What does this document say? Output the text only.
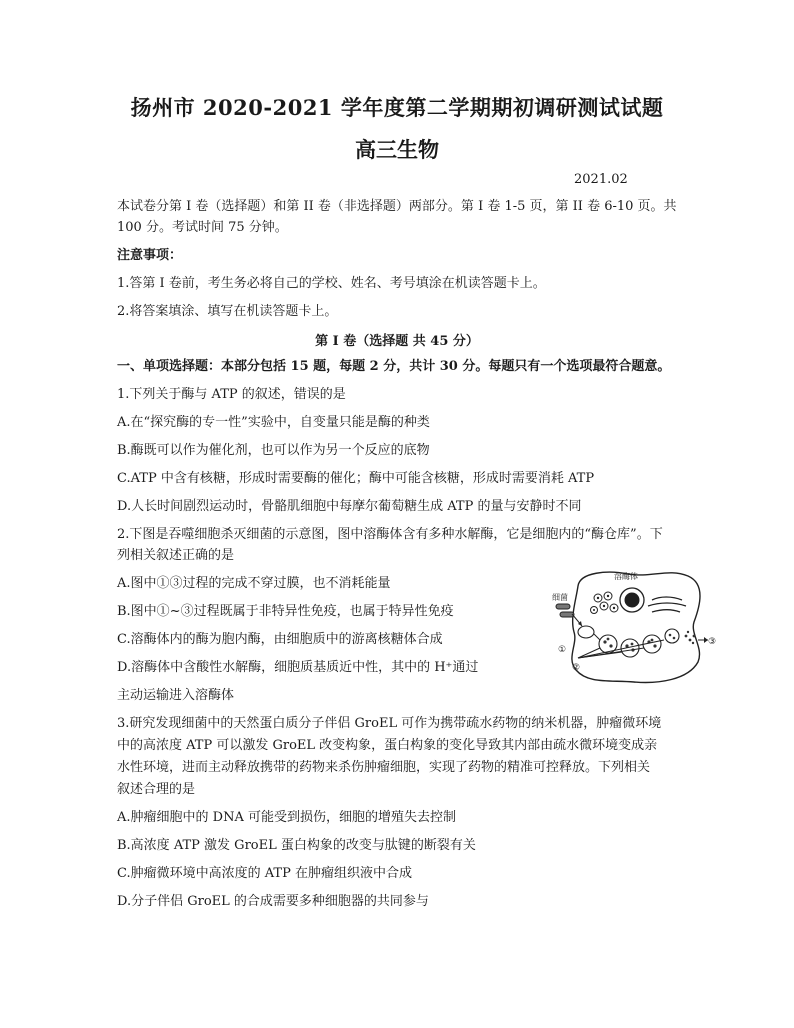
扬州市 2020-2021 学年度第二学期期初调研测试试题
高三生物
2021.02
本试卷分第 I 卷（选择题）和第 II 卷（非选择题）两部分。第 I 卷 1-5 页，第 II 卷 6-10 页。共
100 分。考试时间 75 分钟。
注意事项：
1.答第 I 卷前，考生务必将自己的学校、姓名、考号填涂在机读答题卡上。
2.将答案填涂、填写在机读答题卡上。
第 I 卷（选择题 共 45 分）
一、单项选择题：本部分包括 15 题，每题 2 分，共计 30 分。每题只有一个选项最符合题意。
1.下列关于酶与 ATP 的叙述，错误的是
A.在“探究酶的专一性”实验中，自变量只能是酶的种类
B.酶既可以作为催化剂，也可以作为另一个反应的底物
C.ATP 中含有核糖，形成时需要酶的催化；酶中可能含核糖，形成时需要消耗 ATP
D.人长时间剧烈运动时，骨骼肌细胞中每摩尔葡萄糖生成 ATP 的量与安静时不同
2.下图是吞噬细胞杀灭细菌的示意图，图中溶酶体含有多种水解酶，它是细胞内的“酶仓库”。下
列相关叙述正确的是
A.图中①③过程的完成不穿过膜，也不消耗能量
B.图中①~③过程既属于非特异性免疫，也属于特异性免疫
C.溶酶体内的酶为胞内酶，由细胞质中的游离核糖体合成
D.溶酶体中含酸性水解酶，细胞质基质近中性，其中的 H⁺通过
主动运输进入溶酶体
溶酶体
细菌
①
②
③
3.研究发现细菌中的天然蛋白质分子伴侣 GroEL 可作为携带疏水药物的纳米机器，肿瘤微环境
中的高浓度 ATP 可以激发 GroEL 改变构象，蛋白构象的变化导致其内部由疏水微环境变成亲
水性环境，进而主动释放携带的药物来杀伤肿瘤细胞，实现了药物的精准可控释放。下列相关
叙述合理的是
A.肿瘤细胞中的 DNA 可能受到损伤，细胞的增殖失去控制
B.高浓度 ATP 激发 GroEL 蛋白构象的改变与肽键的断裂有关
C.肿瘤微环境中高浓度的 ATP 在肿瘤组织液中合成
D.分子伴侣 GroEL 的合成需要多种细胞器的共同参与
